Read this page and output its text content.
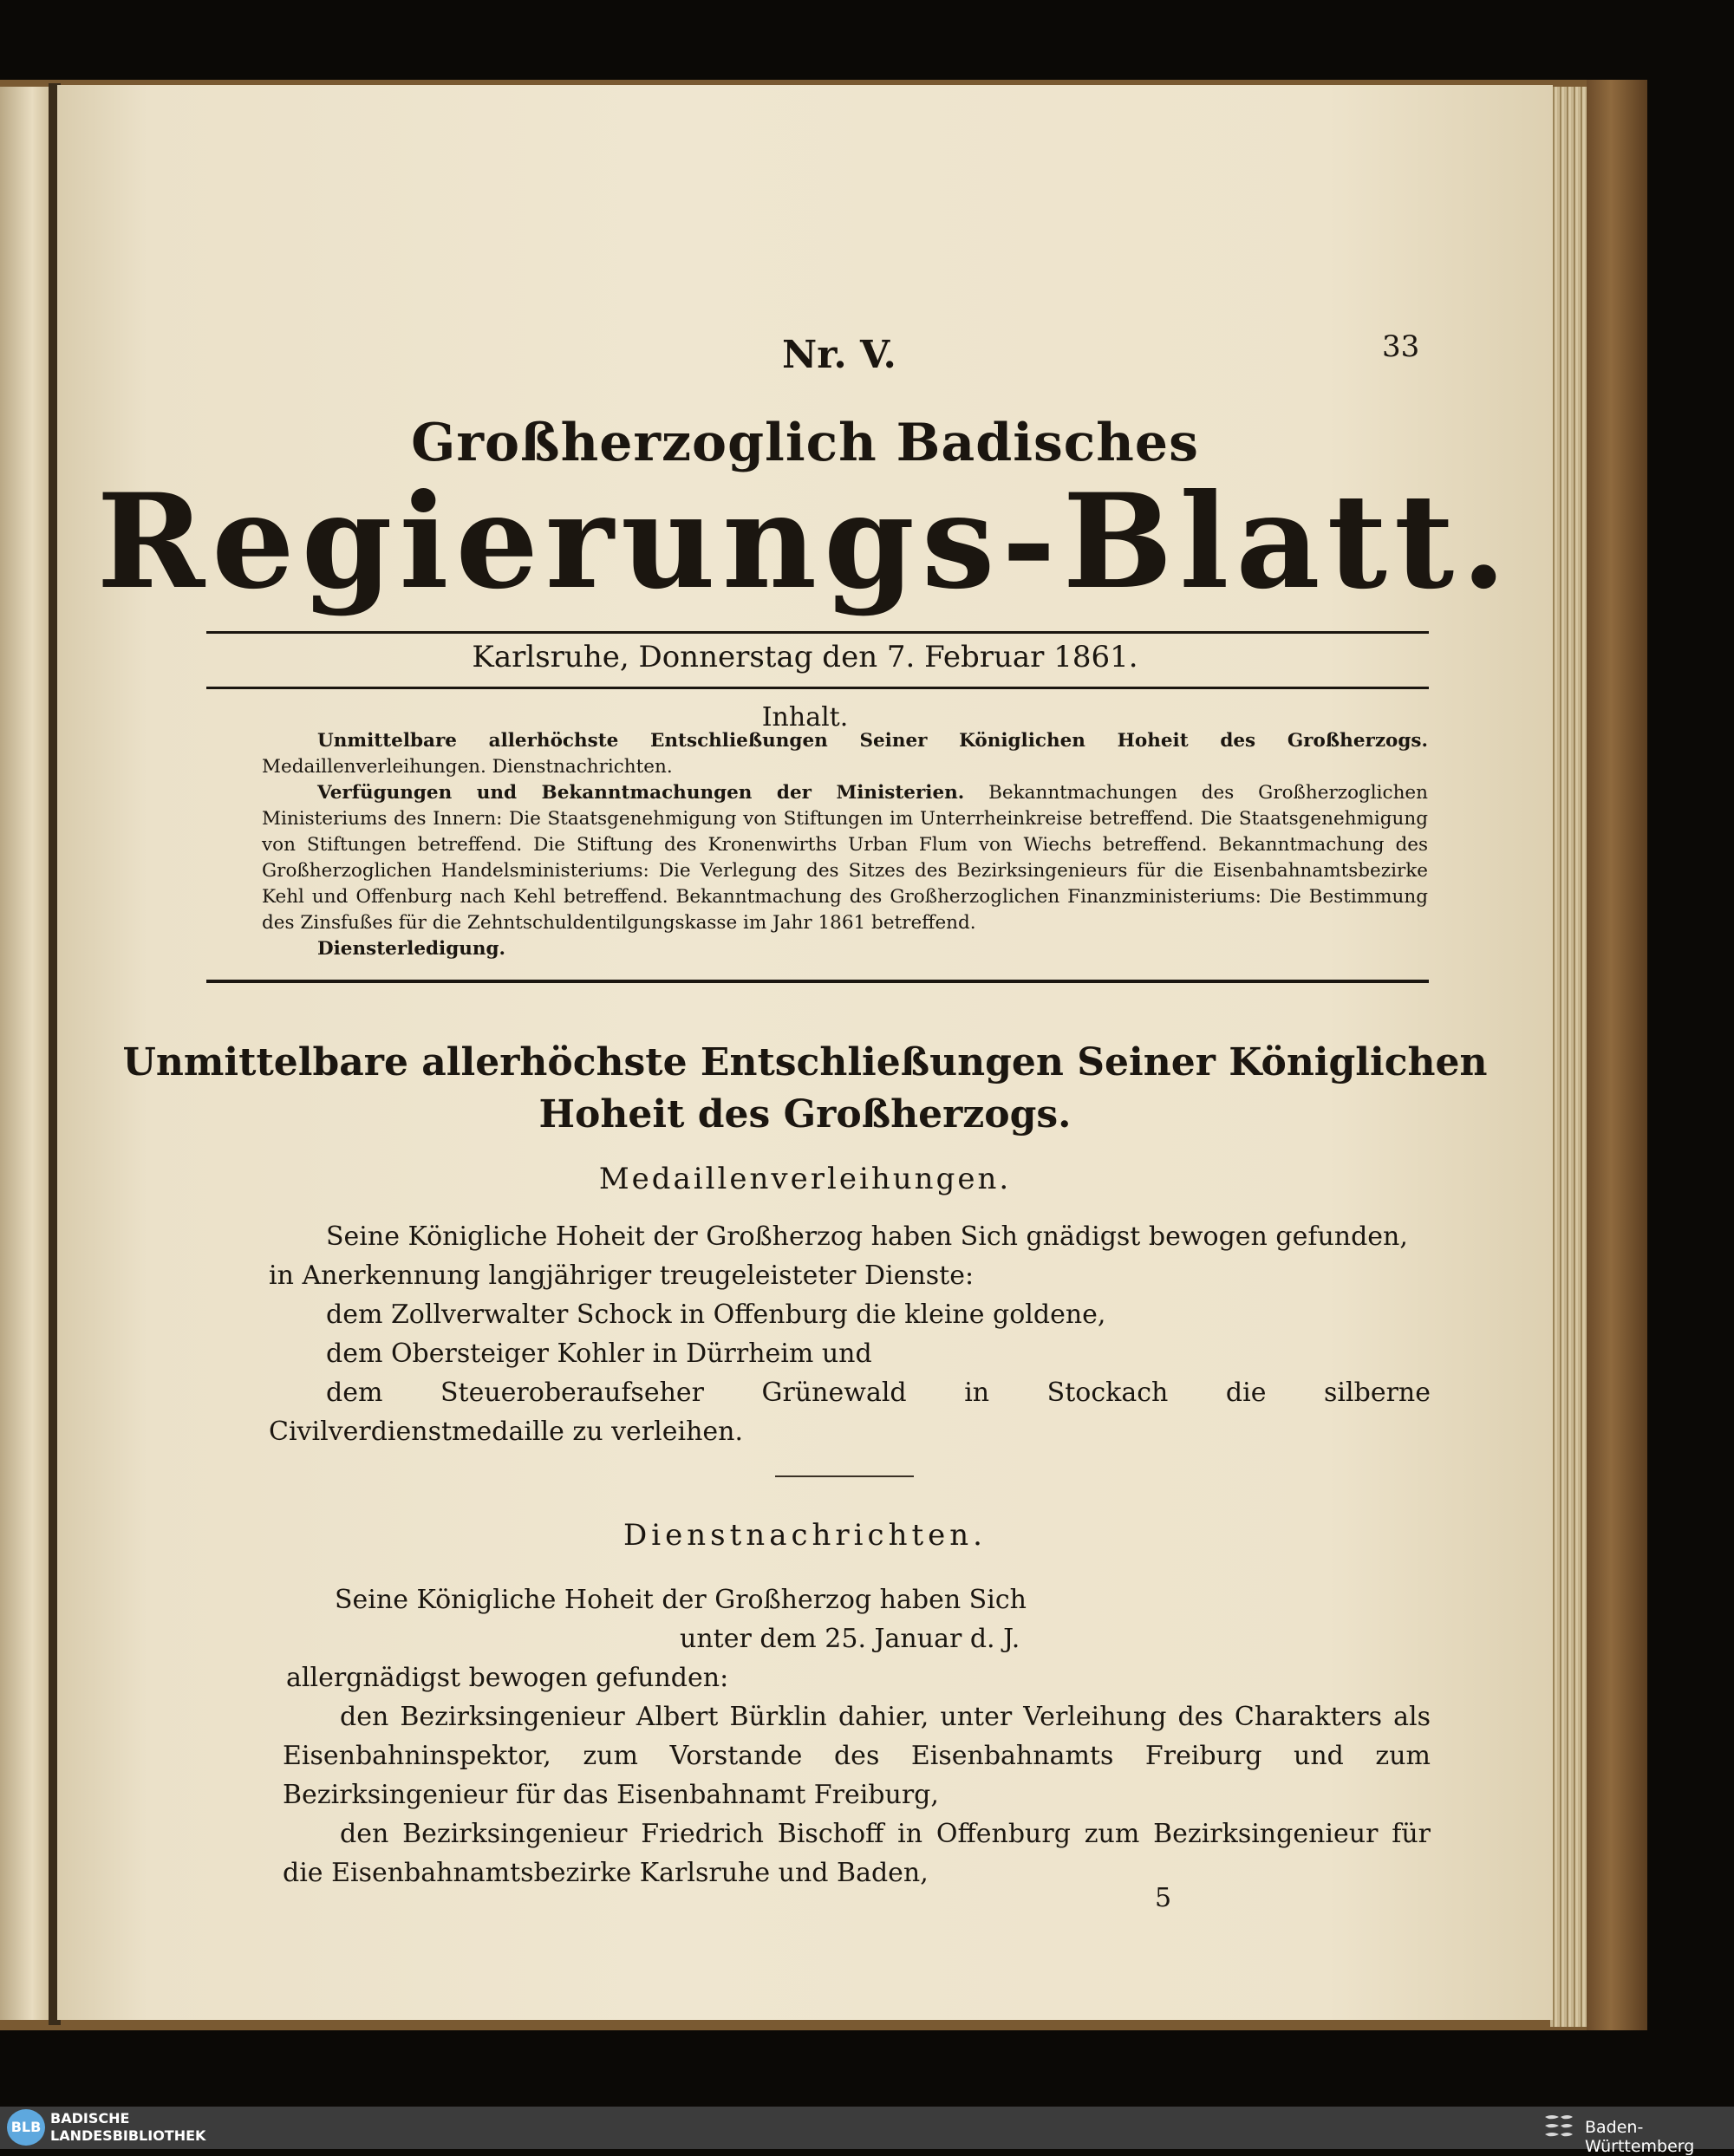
Nr. V.	33
Großherzoglich Badisches
Regierungs-Blatt.
Karlsruhe, Donnerstag den 7. Februar 1861.
Inhalt.

Unmittelbare allerhöchste Entschließungen Seiner Königlichen Hoheit des Großherzogs. Medaillenverleihungen. Dienstnachrichten.

Verfügungen und Bekanntmachungen der Ministerien. Bekanntmachungen des Großherzoglichen Ministeriums des Innern: Die Staatsgenehmigung von Stiftungen im Unterrheinkreise betreffend. Die Staatsgenehmigung von Stiftungen betreffend. Die Stiftung des Kronenwirths Urban Flum von Wiechs betreffend. Bekanntmachung des Großherzoglichen Handelsministeriums: Die Verlegung des Sitzes des Bezirksingenieurs für die Eisenbahnamtsbezirke Kehl und Offenburg nach Kehl betreffend. Bekanntmachung des Großherzoglichen Finanzministeriums: Die Bestimmung des Zinsfußes für die Zehntschuldentilgungskasse im Jahr 1861 betreffend.

Diensterledigung.

Unmittelbare allerhöchste Entschließungen Seiner Königlichen Hoheit des Großherzogs.
Medaillenverleihungen.

Seine Königliche Hoheit der Großherzog haben Sich gnädigst bewogen gefunden,

in Anerkennung langjähriger treugeleisteter Dienste:

dem Zollverwalter Schock in Offenburg die kleine goldene,

dem Obersteiger Kohler in Dürrheim und

dem Steueroberaufseher Grünewald in Stockach die silberne Civilverdienstmedaille zu verleihen.

Dienstnachrichten.

Seine Königliche Hoheit der Großherzog haben Sich

unter dem 25. Januar d. J.

allergnädigst bewogen gefunden:

den Bezirksingenieur Albert Bürklin dahier, unter Verleihung des Charakters als Eisenbahninspektor, zum Vorstande des Eisenbahnamts Freiburg und zum Bezirksingenieur für das Eisenbahnamt Freiburg,

den Bezirksingenieur Friedrich Bischoff in Offenburg zum Bezirksingenieur für die Eisenbahnamtsbezirke Karlsruhe und Baden,

5
BLB
BADISCHE
LANDESBIBLIOTHEK	Baden-Württemberg
